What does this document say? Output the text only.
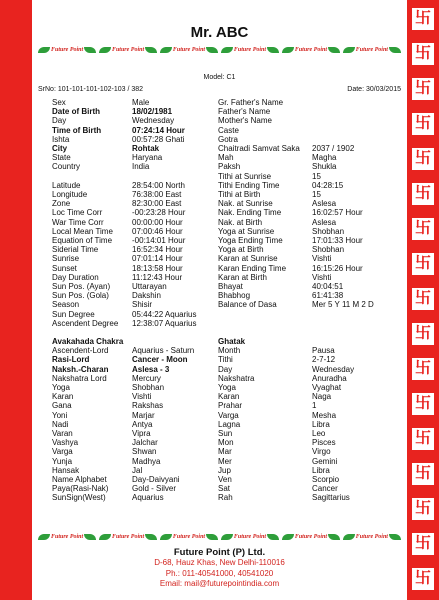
卐
卐
卐
卐
卐
卐
卐
卐
卐
卐
卐
卐
卐
卐
卐
卐
卐
Mr. ABC
Future Point	Future Point	Future Point	Future Point	Future Point	Future Point
Model: C1
SrNo: 101-101-101-102-103 / 382	Date: 30/03/2015
Sex	Male
Date of Birth	18/02/1981
Day	Wednesday
Time of Birth	07:24:14 Hour
Ishta	00:57:28 Ghati
City	Rohtak
State	Haryana
Country	India
Latitude	28:54:00 North
Longitude	76:38:00 East
Zone	82:30:00 East
Loc Time Corr	-00:23:28 Hour
War Time Corr	00:00:00 Hour
Local Mean Time	07:00:46 Hour
Equation of Time	-00:14:01 Hour
Siderial Time	16:52:34 Hour
Sunrise	07:01:14 Hour
Sunset	18:13:58 Hour
Day Duration	11:12:43 Hour
Sun Pos. (Ayan)	Uttarayan
Sun Pos. (Gola)	Dakshin
Season	Shisir
Sun Degree	05:44:22 Aquarius
Ascendent Degree	12:38:07 Aquarius
Gr. Father's Name
Father's Name
Mother's Name
Caste
Gotra
Chaitradi Samvat Saka	2037 / 1902
Mah	Magha
Paksh	Shukla
Tithi at Sunrise	15
Tithi Ending Time	04:28:15
Tithi at Birth	15
Nak. at Sunrise	Aslesa
Nak. Ending Time	16:02:57 Hour
Nak. at Birth	Aslesa
Yoga at Sunrise	Shobhan
Yoga Ending Time	17:01:33 Hour
Yoga at Birth	Shobhan
Karan at Sunrise	Vishti
Karan Ending Time	16:15:26 Hour
Karan at Birth	Vishti
Bhayat	40:04:51
Bhabhog	61:41:38
Balance of Dasa	Mer 5 Y 11 M 2 D
Avakahada Chakra
Ascendent-Lord	Aquarius - Saturn
Rasi-Lord	Cancer - Moon
Naksh.-Charan	Aslesa - 3
Nakshatra Lord	Mercury
Yoga	Shobhan
Karan	Vishti
Gana	Rakshas
Yoni	Marjar
Nadi	Antya
Varan	Vipra
Vashya	Jalchar
Varga	Shwan
Yunja	Madhya
Hansak	Jal
Name Alphabet	Day-Daivyani
Paya(Rasi-Nak)	Gold - Silver
SunSign(West)	Aquarius
Ghatak
Month	Pausa
Tithi	2-7-12
Day	Wednesday
Nakshatra	Anuradha
Yoga	Vyaghat
Karan	Naga
Prahar	1
Varga	Mesha
Lagna	Libra
Sun	Leo
Mon	Pisces
Mar	Virgo
Mer	Gemini
Jup	Libra
Ven	Scorpio
Sat	Cancer
Rah	Sagittarius
Future Point	Future Point	Future Point	Future Point	Future Point	Future Point
Future Point (P) Ltd.
D-68, Hauz Khas, New Delhi-110016
Ph.: 011-40541000, 40541020
Email: mail@futurepointindia.com
